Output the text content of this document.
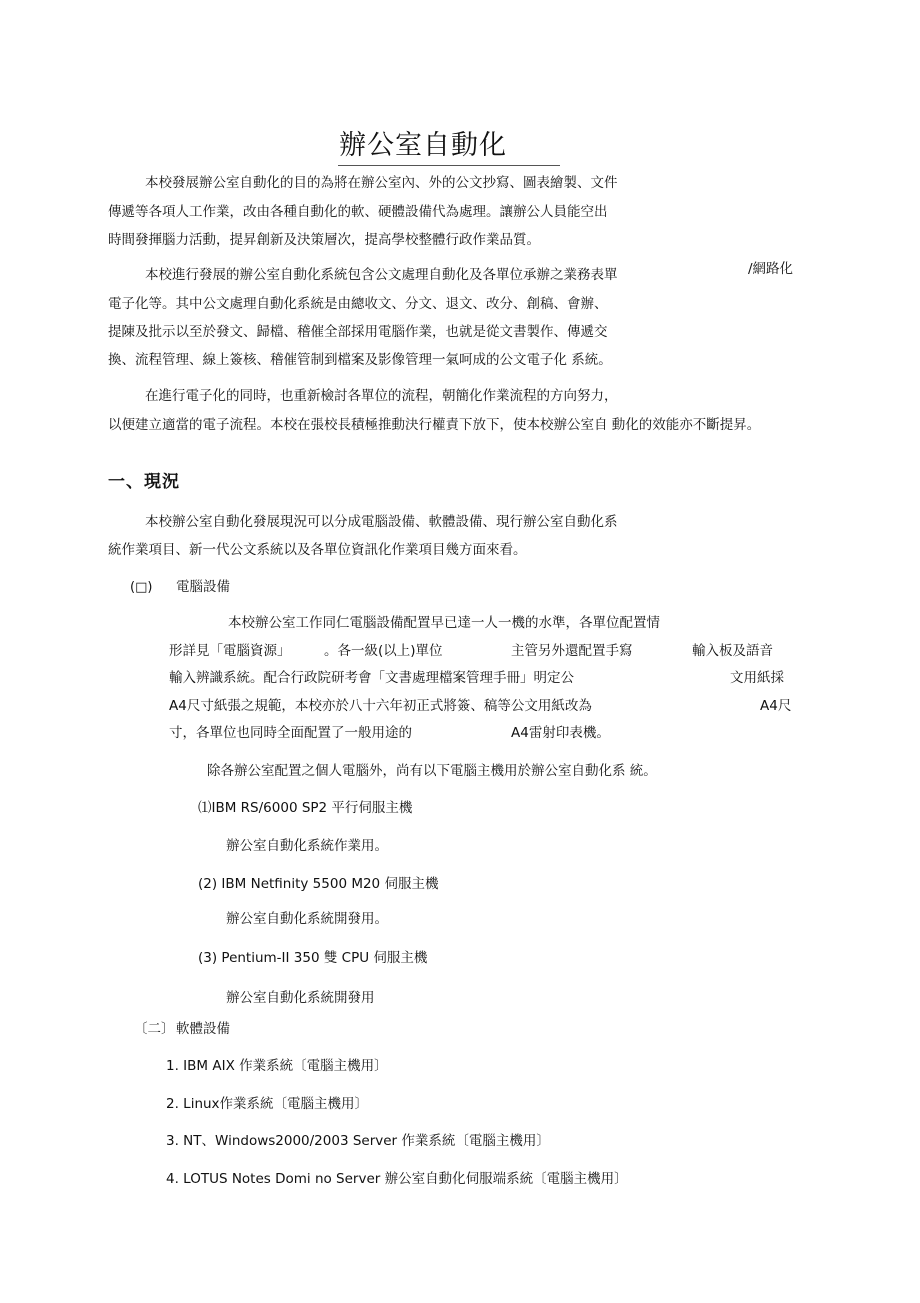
辦公室自動化
本校發展辦公室自動化的目的為將在辦公室內、外的公文抄寫、圖表繪製、文件
傳遞等各項人工作業，改由各種自動化的軟、硬體設備代為處理。讓辦公人員能空出
時間發揮腦力活動，提昇創新及決策層次，提高學校整體行政作業品質。
本校進行發展的辦公室自動化系統包含公文處理自動化及各單位承辦之業務表單	/網路化
電子化等。其中公文處理自動化系統是由總收文、分文、退文、改分、創稿、會辦、
提陳及批示以至於發文、歸檔、稽催全部採用電腦作業，也就是從文書製作、傳遞交
換、流程管理、線上簽核、稽催管制到檔案及影像管理一氣呵成的公文電子化 系統。
在進行電子化的同時，也重新檢討各單位的流程，朝簡化作業流程的方向努力，
以便建立適當的電子流程。本校在張校長積極推動決行權責下放下，使本校辦公室自 動化的效能亦不斷提昇。
一、現況
本校辦公室自動化發展現況可以分成電腦設備、軟體設備、現行辦公室自動化系
統作業項目、新一代公文系統以及各單位資訊化作業項目幾方面來看。
(□) 電腦設備
本校辦公室工作同仁電腦設備配置早已達一人一機的水準，各單位配置情
形詳見「電腦資源」 。各一級(以上)單位	主管另外還配置手寫	輸入板及語音
輸入辨識系統。配合行政院研考會「文書處理檔案管理手冊」明定公	文用紙採
A4尺寸紙張之規範，本校亦於八十六年初正式將簽、稿等公文用紙改為	A4尺
寸，各單位也同時全面配置了一般用途的	A4雷射印表機。
除各辦公室配置之個人電腦外，尚有以下電腦主機用於辦公室自動化系 統。
⑴IBM RS/6000 SP2 平行伺服主機
辦公室自動化系統作業用。
(2) IBM Netfinity 5500 M20 伺服主機
辦公室自動化系統開發用。
(3) Pentium-II 350 雙 CPU 伺服主機
辦公室自動化系統開發用
〔二〕 軟體設備
1. IBM AIX 作業系統〔電腦主機用〕
2. Linux作業系統〔電腦主機用〕
3. NT、Windows2000/2003 Server 作業系統〔電腦主機用〕
4. LOTUS Notes Domi no Server 辦公室自動化伺服端系統〔電腦主機用〕
